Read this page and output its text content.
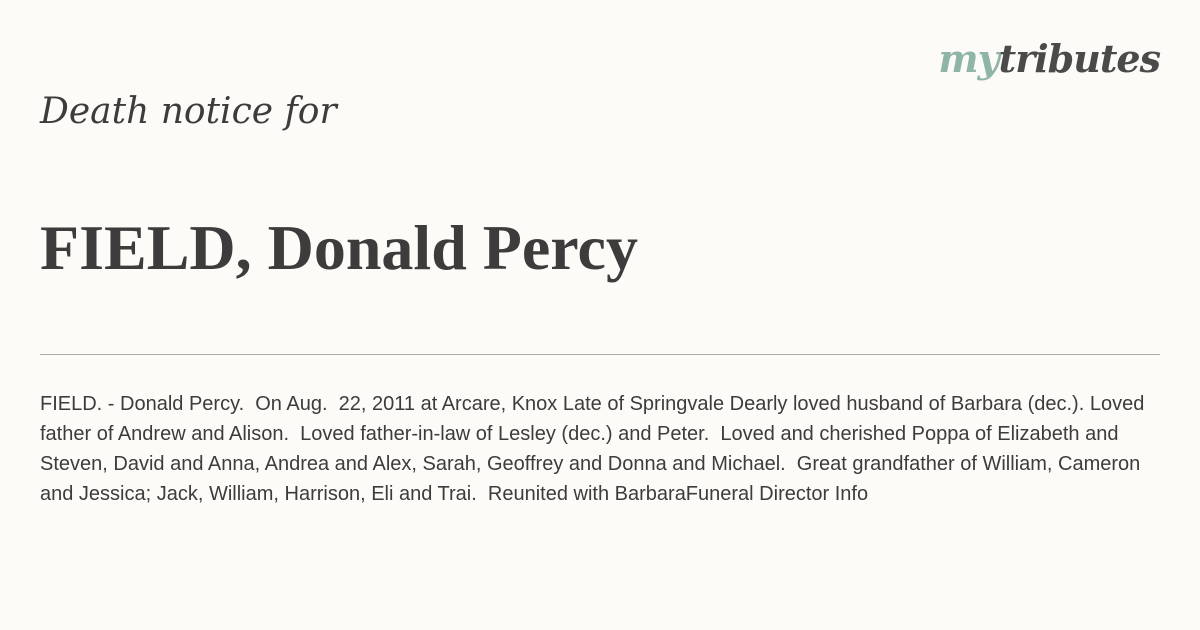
mytributes
Death notice for
FIELD, Donald Percy

FIELD. - Donald Percy.  On Aug.  22, 2011 at Arcare, Knox Late of Springvale Dearly loved husband of Barbara (dec.). Loved father of Andrew and Alison.  Loved father-in-law of Lesley (dec.) and Peter.  Loved and cherished Poppa of Elizabeth and Steven, David and Anna, Andrea and Alex, Sarah, Geoffrey and Donna and Michael.  Great grandfather of William, Cameron and Jessica; Jack, William, Harrison, Eli and Trai.  Reunited with BarbaraFuneral Director Info
